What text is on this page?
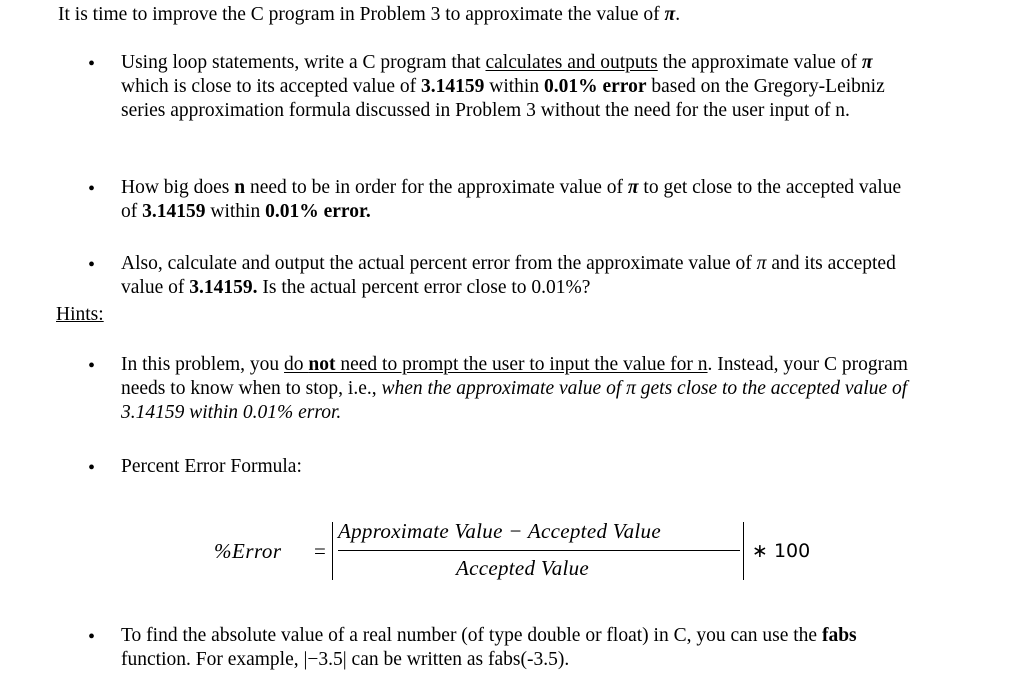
It is time to improve the C program in Problem 3 to approximate the value of π.
• Using loop statements, write a C program that calculates and outputs the approximate value of π which is close to its accepted value of 3.14159 within 0.01% error based on the Gregory-Leibniz series approximation formula discussed in Problem 3 without the need for the user input of n.
• How big does n need to be in order for the approximate value of π to get close to the accepted value of 3.14159 within 0.01% error.
• Also, calculate and output the actual percent error from the approximate value of π and its accepted value of 3.14159. Is the actual percent error close to 0.01%?
Hints:
• In this problem, you do not need to prompt the user to input the value for n. Instead, your C program needs to know when to stop, i.e., when the approximate value of π gets close to the accepted value of 3.14159 within 0.01% error.
• Percent Error Formula:
%Error =
Approximate Value − Accepted Value
Accepted Value
∗ 100
• To find the absolute value of a real number (of type double or float) in C, you can use the fabs function. For example, |−3.5| can be written as fabs(-3.5).
